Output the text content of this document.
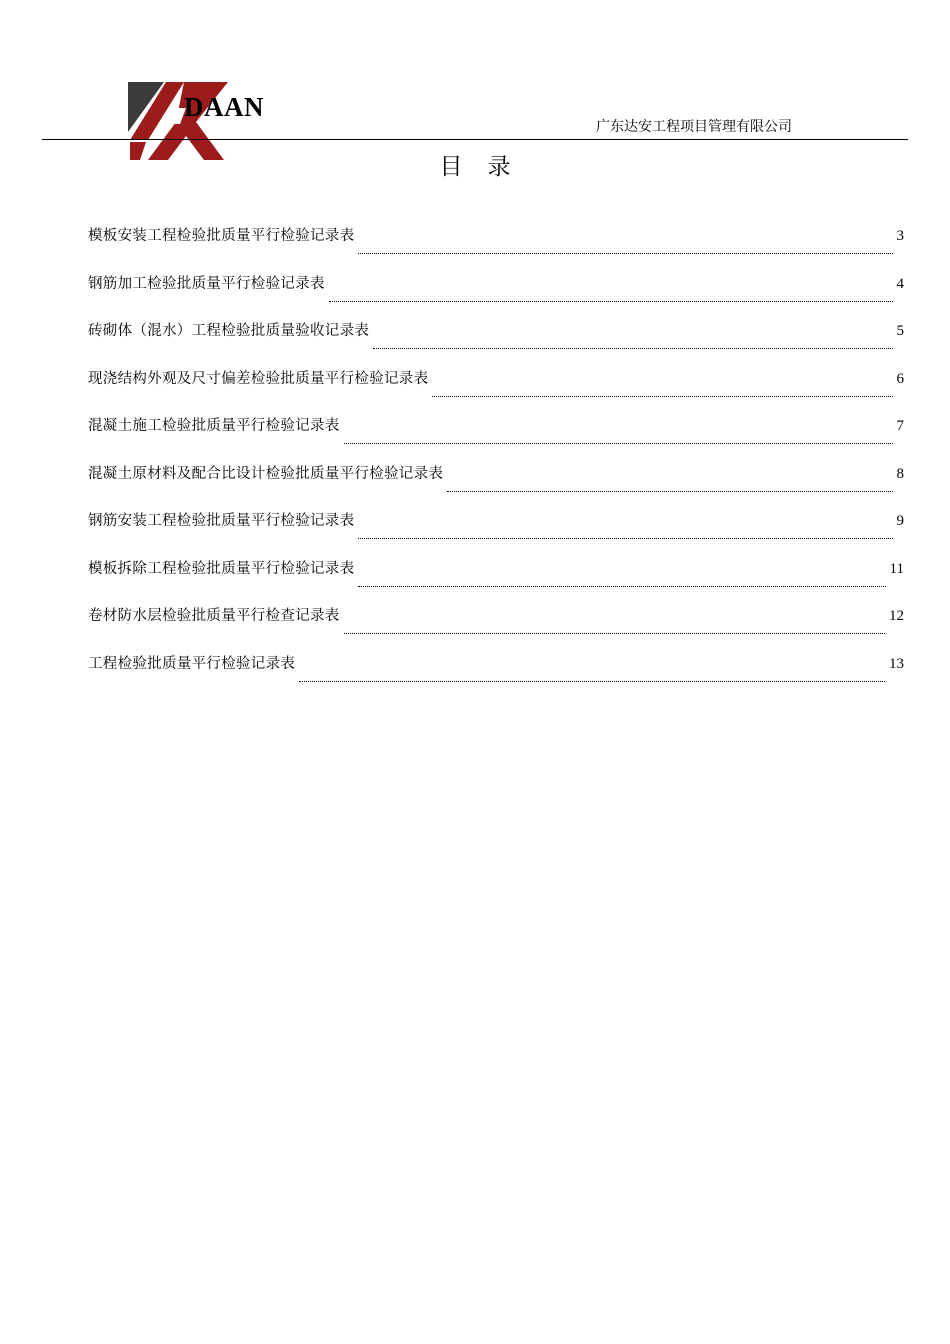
DAAN
广东达安工程项目管理有限公司
目录
模板安装工程检验批质量平行检验记录表	3
钢筋加工检验批质量平行检验记录表	4
砖砌体（混水）工程检验批质量验收记录表	5
现浇结构外观及尺寸偏差检验批质量平行检验记录表	6
混凝土施工检验批质量平行检验记录表	7
混凝土原材料及配合比设计检验批质量平行检验记录表	8
钢筋安装工程检验批质量平行检验记录表	9
模板拆除工程检验批质量平行检验记录表	11
卷材防水层检验批质量平行检查记录表	12
工程检验批质量平行检验记录表	13
